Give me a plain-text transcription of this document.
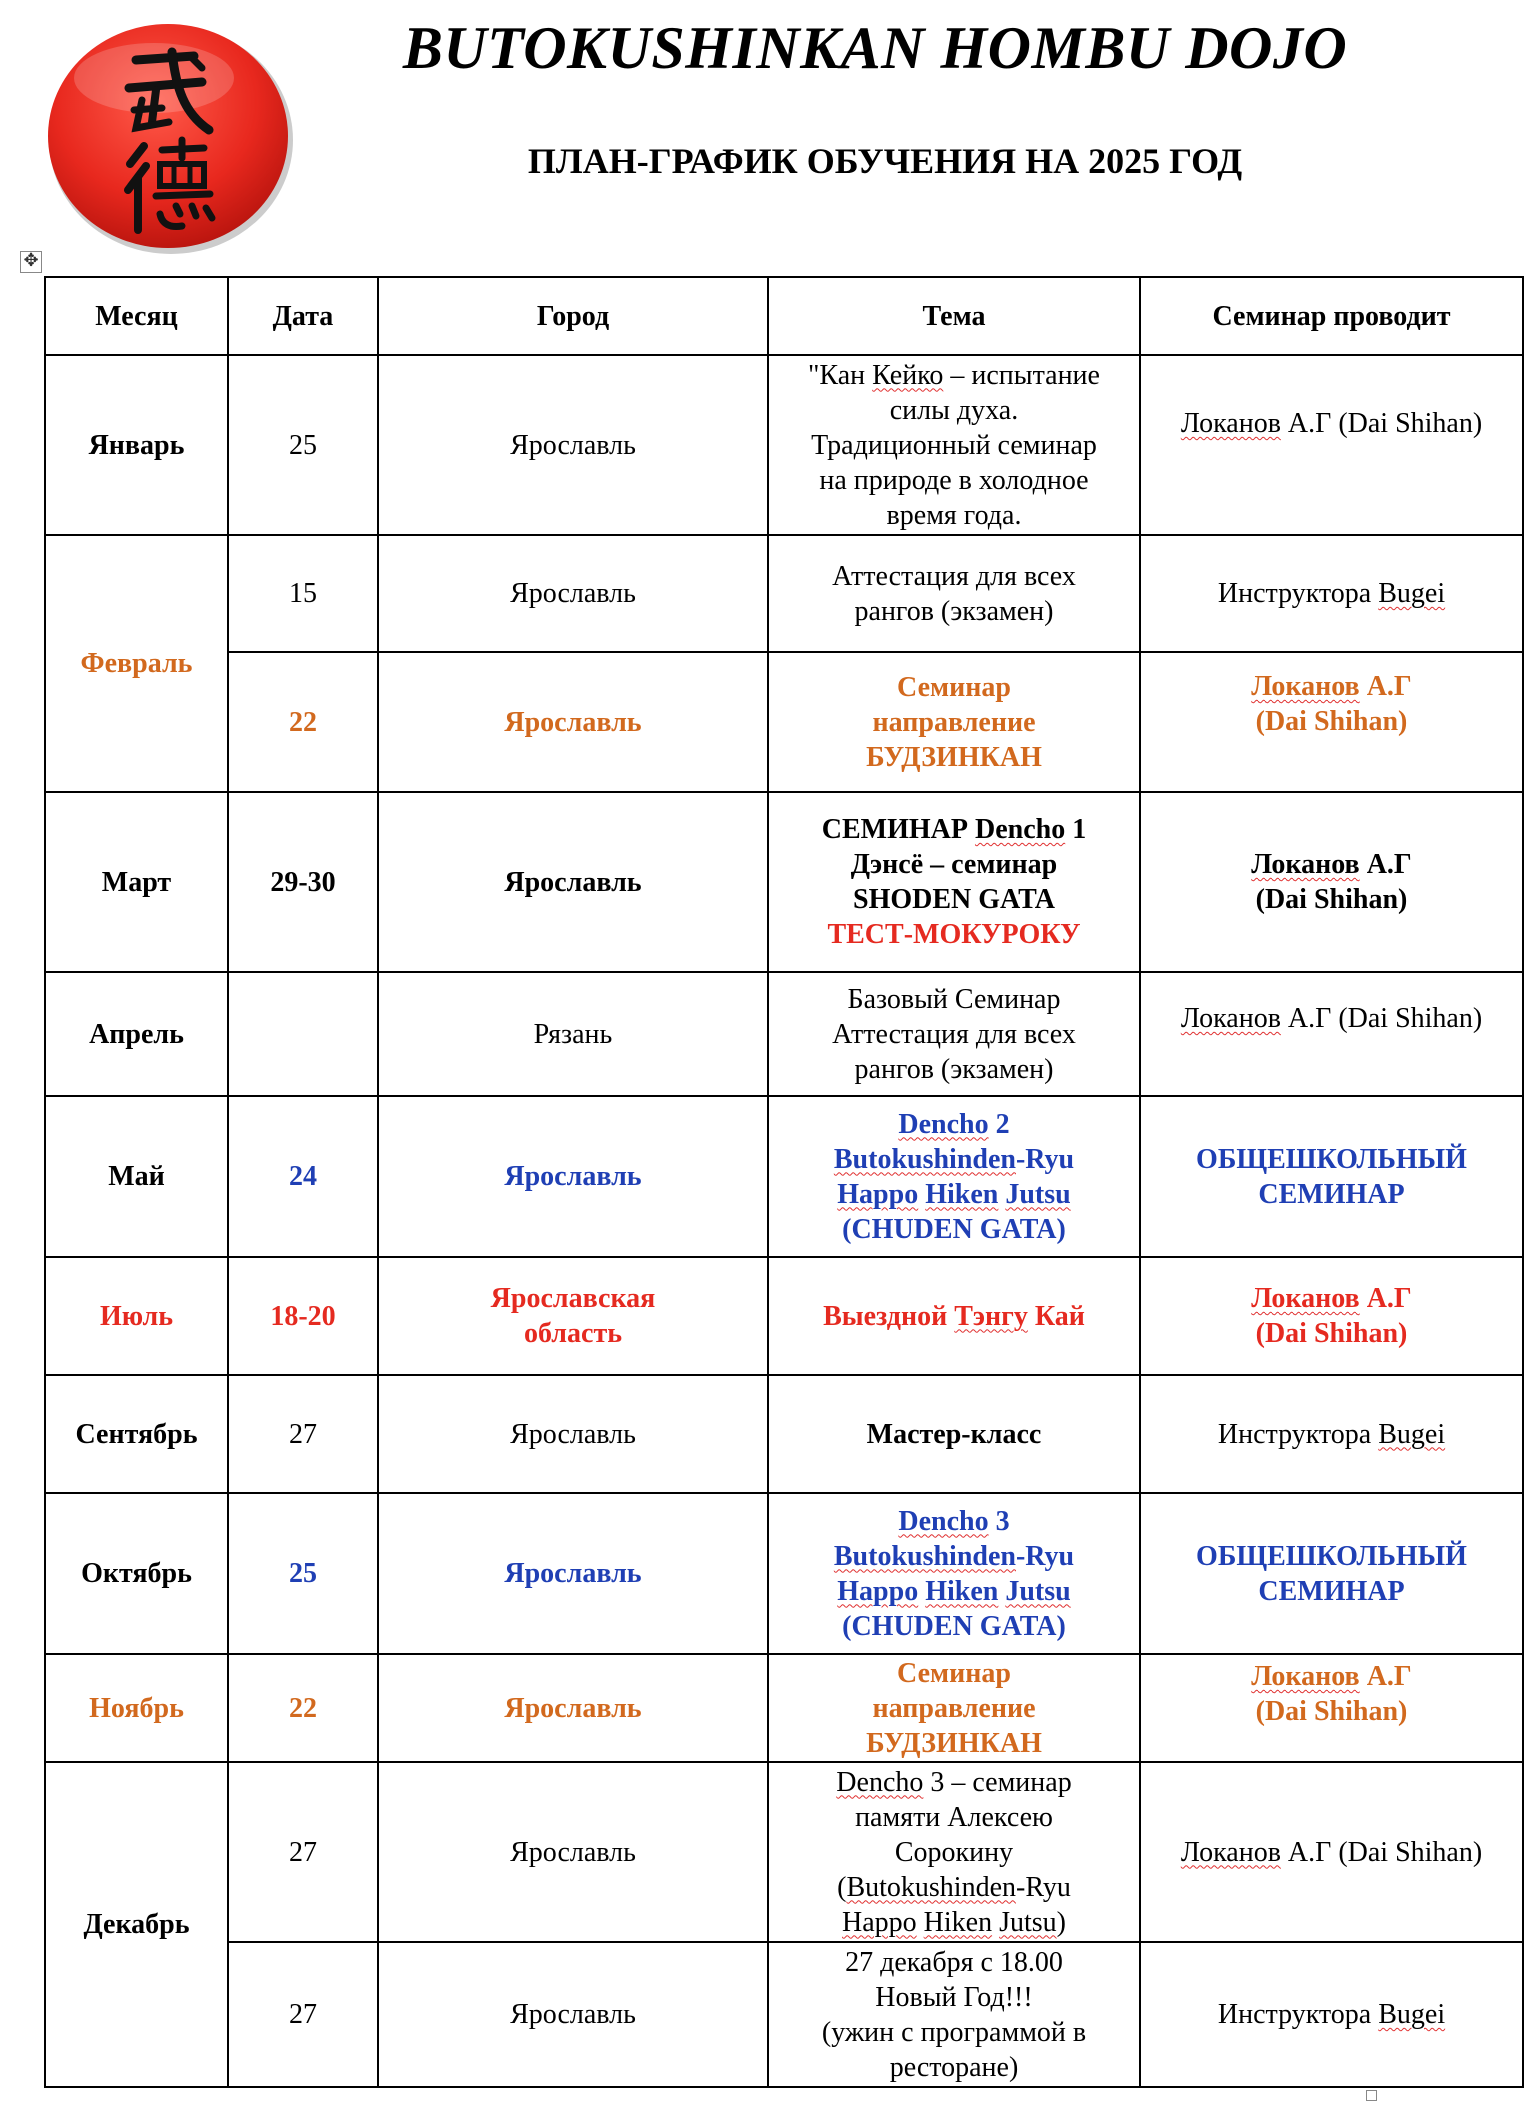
BUTOKUSHINKAN HOMBU DOJO
ПЛАН-ГРАФИК ОБУЧЕНИЯ НА 2025 ГОД
✥
Месяц	Дата	Город	Тема	Семинар проводит
Январь	25	Ярославль	"Кан Кейко – испытание
силы духа.
Традиционный семинар
на природе в холодное
время года.	Локанов А.Г (Dai Shihan)
Февраль	15	Ярославль	Аттестация для всех
рангов (экзамен)	Инструктора Bugei
	22	Ярославль	Семинар
направление
БУДЗИНКАН	Локанов А.Г
(Dai Shihan)

Март	29-30	Ярославль	СЕМИНАР Dencho 1
Дэнсё – семинар
SHODEN GATA
ТЕСТ-МОКУРОКУ	Локанов А.Г
(Dai Shihan)

Апрель		Рязань	Базовый Семинар
Аттестация для всех
рангов (экзамен)	Локанов А.Г (Dai Shihan)
Май	24	Ярославль	Dencho 2
Butokushinden-Ryu
Happo Hiken Jutsu
(CHUDEN GATA)	ОБЩЕШКОЛЬНЫЙ
СЕМИНАР

Июль	18-20	Ярославская
область	Выездной Тэнгу Кай	Локанов А.Г
(Dai Shihan)

Сентябрь	27	Ярославль	Мастер-класс	Инструктора Bugei
Октябрь	25	Ярославль	Dencho 3
Butokushinden-Ryu
Happo Hiken Jutsu
(CHUDEN GATA)	ОБЩЕШКОЛЬНЫЙ
СЕМИНАР

Ноябрь	22	Ярославль	Семинар
направление
БУДЗИНКАН	Локанов А.Г
(Dai Shihan)

Декабрь	27	Ярославль	Dencho 3 – семинар
памяти Алексею
Сорокину
(Butokushinden-Ryu
Happo Hiken Jutsu)	Локанов А.Г (Dai Shihan)
	27	Ярославль	27 декабря с 18.00
Новый Год!!!
(ужин с программой в
ресторане)	Инструктора Bugei
